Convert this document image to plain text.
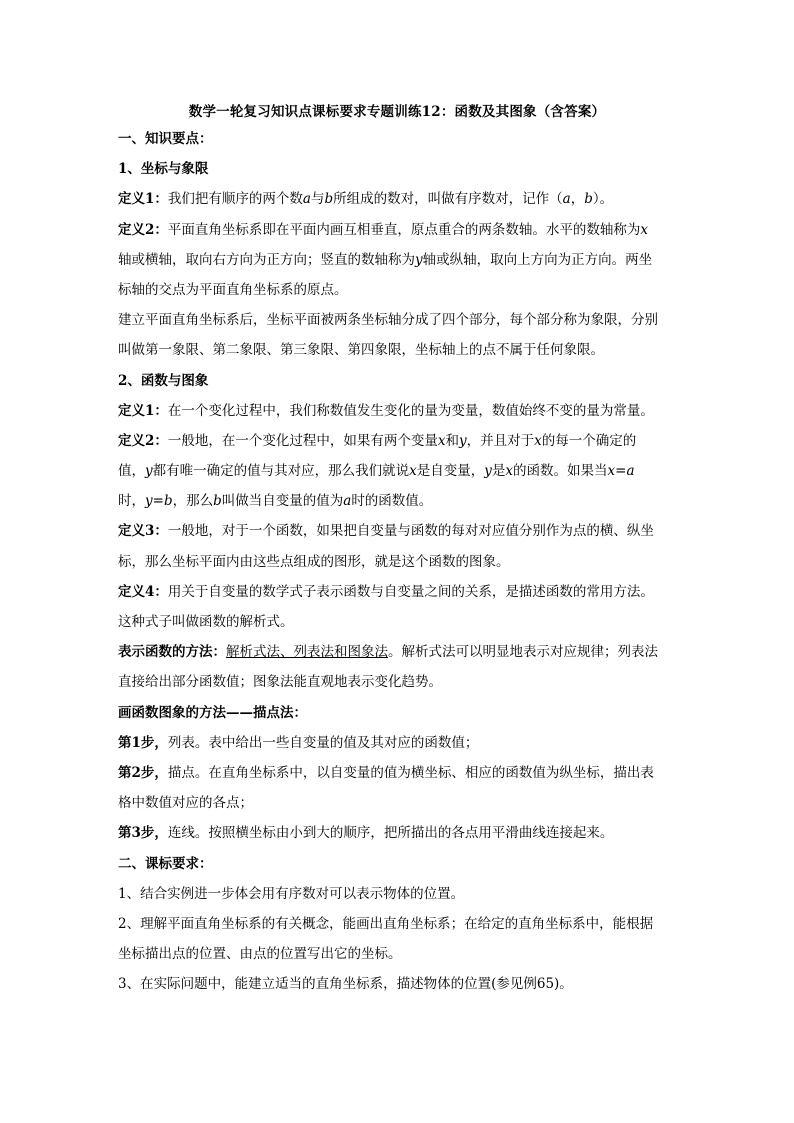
数学一轮复习知识点课标要求专题训练12：函数及其图象（含答案）
一、知识要点：
1、坐标与象限
定义1：我们把有顺序的两个数a与b所组成的数对，叫做有序数对，记作（a，b）。
定义2：平面直角坐标系即在平面内画互相垂直，原点重合的两条数轴。水平的数轴称为x
轴或横轴，取向右方向为正方向；竖直的数轴称为y轴或纵轴，取向上方向为正方向。两坐
标轴的交点为平面直角坐标系的原点。
建立平面直角坐标系后，坐标平面被两条坐标轴分成了四个部分，每个部分称为象限，分别
叫做第一象限、第二象限、第三象限、第四象限，坐标轴上的点不属于任何象限。
2、函数与图象
定义1：在一个变化过程中，我们称数值发生变化的量为变量，数值始终不变的量为常量。
定义2：一般地，在一个变化过程中，如果有两个变量x和y，并且对于x的每一个确定的
值，y都有唯一确定的值与其对应，那么我们就说x是自变量，y是x的函数。如果当x=a
时，y=b，那么b叫做当自变量的值为a时的函数值。
定义3：一般地，对于一个函数，如果把自变量与函数的每对对应值分别作为点的横、纵坐
标，那么坐标平面内由这些点组成的图形，就是这个函数的图象。
定义4：用关于自变量的数学式子表示函数与自变量之间的关系，是描述函数的常用方法。
这种式子叫做函数的解析式。
表示函数的方法：解析式法、列表法和图象法。解析式法可以明显地表示对应规律；列表法
直接给出部分函数值；图象法能直观地表示变化趋势。
画函数图象的方法——描点法：
第1步，列表。表中给出一些自变量的值及其对应的函数值；
第2步，描点。在直角坐标系中，以自变量的值为横坐标、相应的函数值为纵坐标，描出表
格中数值对应的各点；
第3步，连线。按照横坐标由小到大的顺序，把所描出的各点用平滑曲线连接起来。
二、课标要求：
1、结合实例进一步体会用有序数对可以表示物体的位置。
2、理解平面直角坐标系的有关概念，能画出直角坐标系；在给定的直角坐标系中，能根据
坐标描出点的位置、由点的位置写出它的坐标。
3、在实际问题中，能建立适当的直角坐标系，描述物体的位置(参见例65)。
